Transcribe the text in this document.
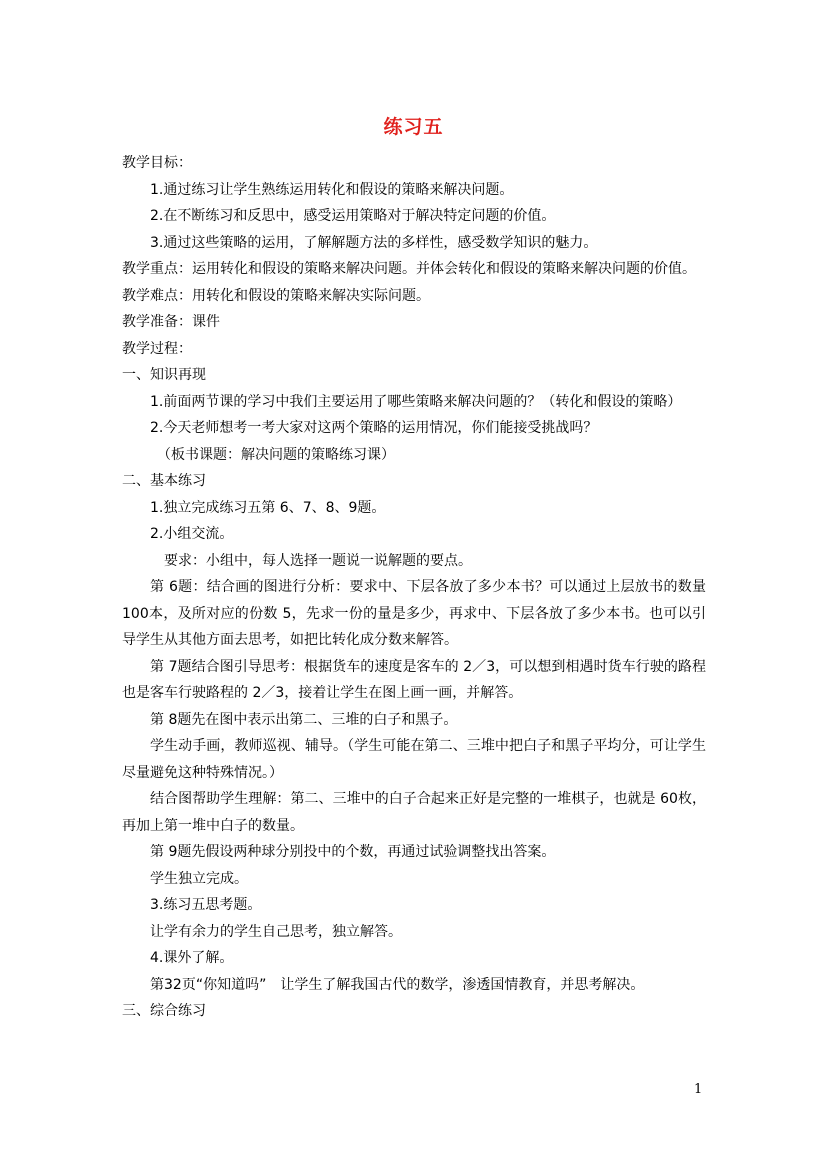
练习五

教学目标：

1.通过练习让学生熟练运用转化和假设的策略来解决问题。

2.在不断练习和反思中，感受运用策略对于解决特定问题的价值。

3.通过这些策略的运用，了解解题方法的多样性，感受数学知识的魅力。

教学重点：运用转化和假设的策略来解决问题。并体会转化和假设的策略来解决问题的价值。

教学难点：用转化和假设的策略来解决实际问题。

教学准备：课件

教学过程：

一、知识再现

1.前面两节课的学习中我们主要运用了哪些策略来解决问题的？（转化和假设的策略）

2.今天老师想考一考大家对这两个策略的运用情况，你们能接受挑战吗？

（板书课题：解决问题的策略练习课）

二、基本练习

1.独立完成练习五第 6、7、8、9题。

2.小组交流。

要求：小组中，每人选择一题说一说解题的要点。

第 6题：结合画的图进行分析：要求中、下层各放了多少本书？可以通过上层放书的数量100本，及所对应的份数 5，先求一份的量是多少，再求中、下层各放了多少本书。也可以引导学生从其他方面去思考，如把比转化成分数来解答。

第 7题结合图引导思考：根据货车的速度是客车的 2／3，可以想到相遇时货车行驶的路程也是客车行驶路程的 2／3，接着让学生在图上画一画，并解答。

第 8题先在图中表示出第二、三堆的白子和黑子。

学生动手画，教师巡视、辅导。（学生可能在第二、三堆中把白子和黑子平均分，可让学生尽量避免这种特殊情况。）

结合图帮助学生理解：第二、三堆中的白子合起来正好是完整的一堆棋子，也就是 60枚，再加上第一堆中白子的数量。

第 9题先假设两种球分别投中的个数，再通过试验调整找出答案。

学生独立完成。

3.练习五思考题。

让学有余力的学生自己思考，独立解答。

4.课外了解。

第32页“你知道吗”　让学生了解我国古代的数学，渗透国情教育，并思考解决。

三、综合练习

1
